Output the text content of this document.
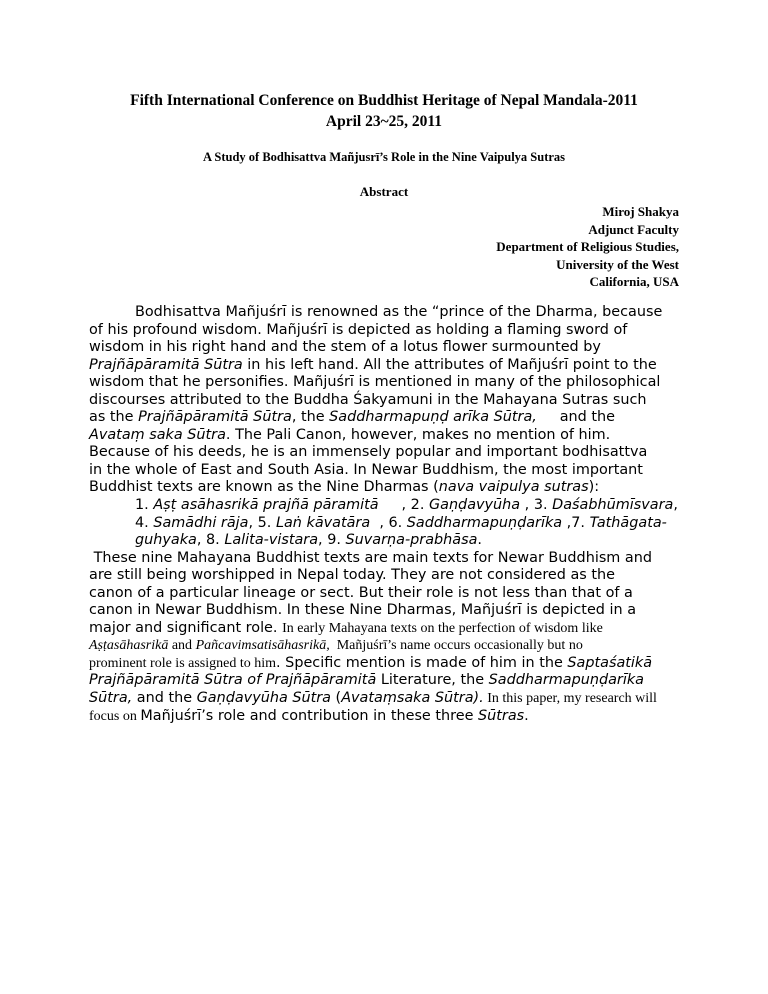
Fifth International Conference on Buddhist Heritage of Nepal Mandala-2011
April 23~25, 2011
A Study of Bodhisattva Mañjusrī’s Role in the Nine Vaipulya Sutras
Abstract
Miroj Shakya
Adjunct Faculty
Department of Religious Studies,
University of the West
California, USA
Bodhisattva Mañjuśrī is renowned as the “prince of the Dharma, because
of his profound wisdom. Mañjuśrī is depicted as holding a flaming sword of
wisdom in his right hand and the stem of a lotus flower surmounted by
Prajñāpāramitā Sūtra in his left hand. All the attributes of Mañjuśrī point to the
wisdom that he personifies. Mañjuśrī is mentioned in many of the philosophical
discourses attributed to the Buddha Śakyamuni in the Mahayana Sutras such
as the Prajñāpāramitā Sūtra, the Saddharmapuṇḍ arīka Sūtra,     and the
Avataṃ saka Sūtra. The Pali Canon, however, makes no mention of him.
Because of his deeds, he is an immensely popular and important bodhisattva
in the whole of East and South Asia. In Newar Buddhism, the most important
Buddhist texts are known as the Nine Dharmas (nava vaipulya sutras):
1. Aṣṭ asāhasrikā prajñā pāramitā     , 2. Gaṇḍavyūha , 3. Daśabhūmīsvara,
4. Samādhi rāja, 5. Laṅ kāvatāra  , 6. Saddharmapuṇḍarīka ,7. Tathāgata-
guhyaka, 8. Lalita-vistara, 9. Suvarṇa-prabhāsa.
These nine Mahayana Buddhist texts are main texts for Newar Buddhism and
are still being worshipped in Nepal today. They are not considered as the
canon of a particular lineage or sect. But their role is not less than that of a
canon in Newar Buddhism. In these Nine Dharmas, Mañjuśrī is depicted in a
major and significant role. In early Mahayana texts on the perfection of wisdom like
Aṣṭasāhasrikā and Pañcavimsatisāhasrikā,  Mañjuśrī’s name occurs occasionally but no
prominent role is assigned to him. Specific mention is made of him in the Saptaśatikā
Prajñāpāramitā Sūtra of Prajñāpāramitā Literature, the Saddharmapuṇḍarīka
Sūtra, and the Gaṇḍavyūha Sūtra (Avataṃsaka Sūtra). In this paper, my research will
focus on Mañjuśrī’s role and contribution in these three Sūtras.
